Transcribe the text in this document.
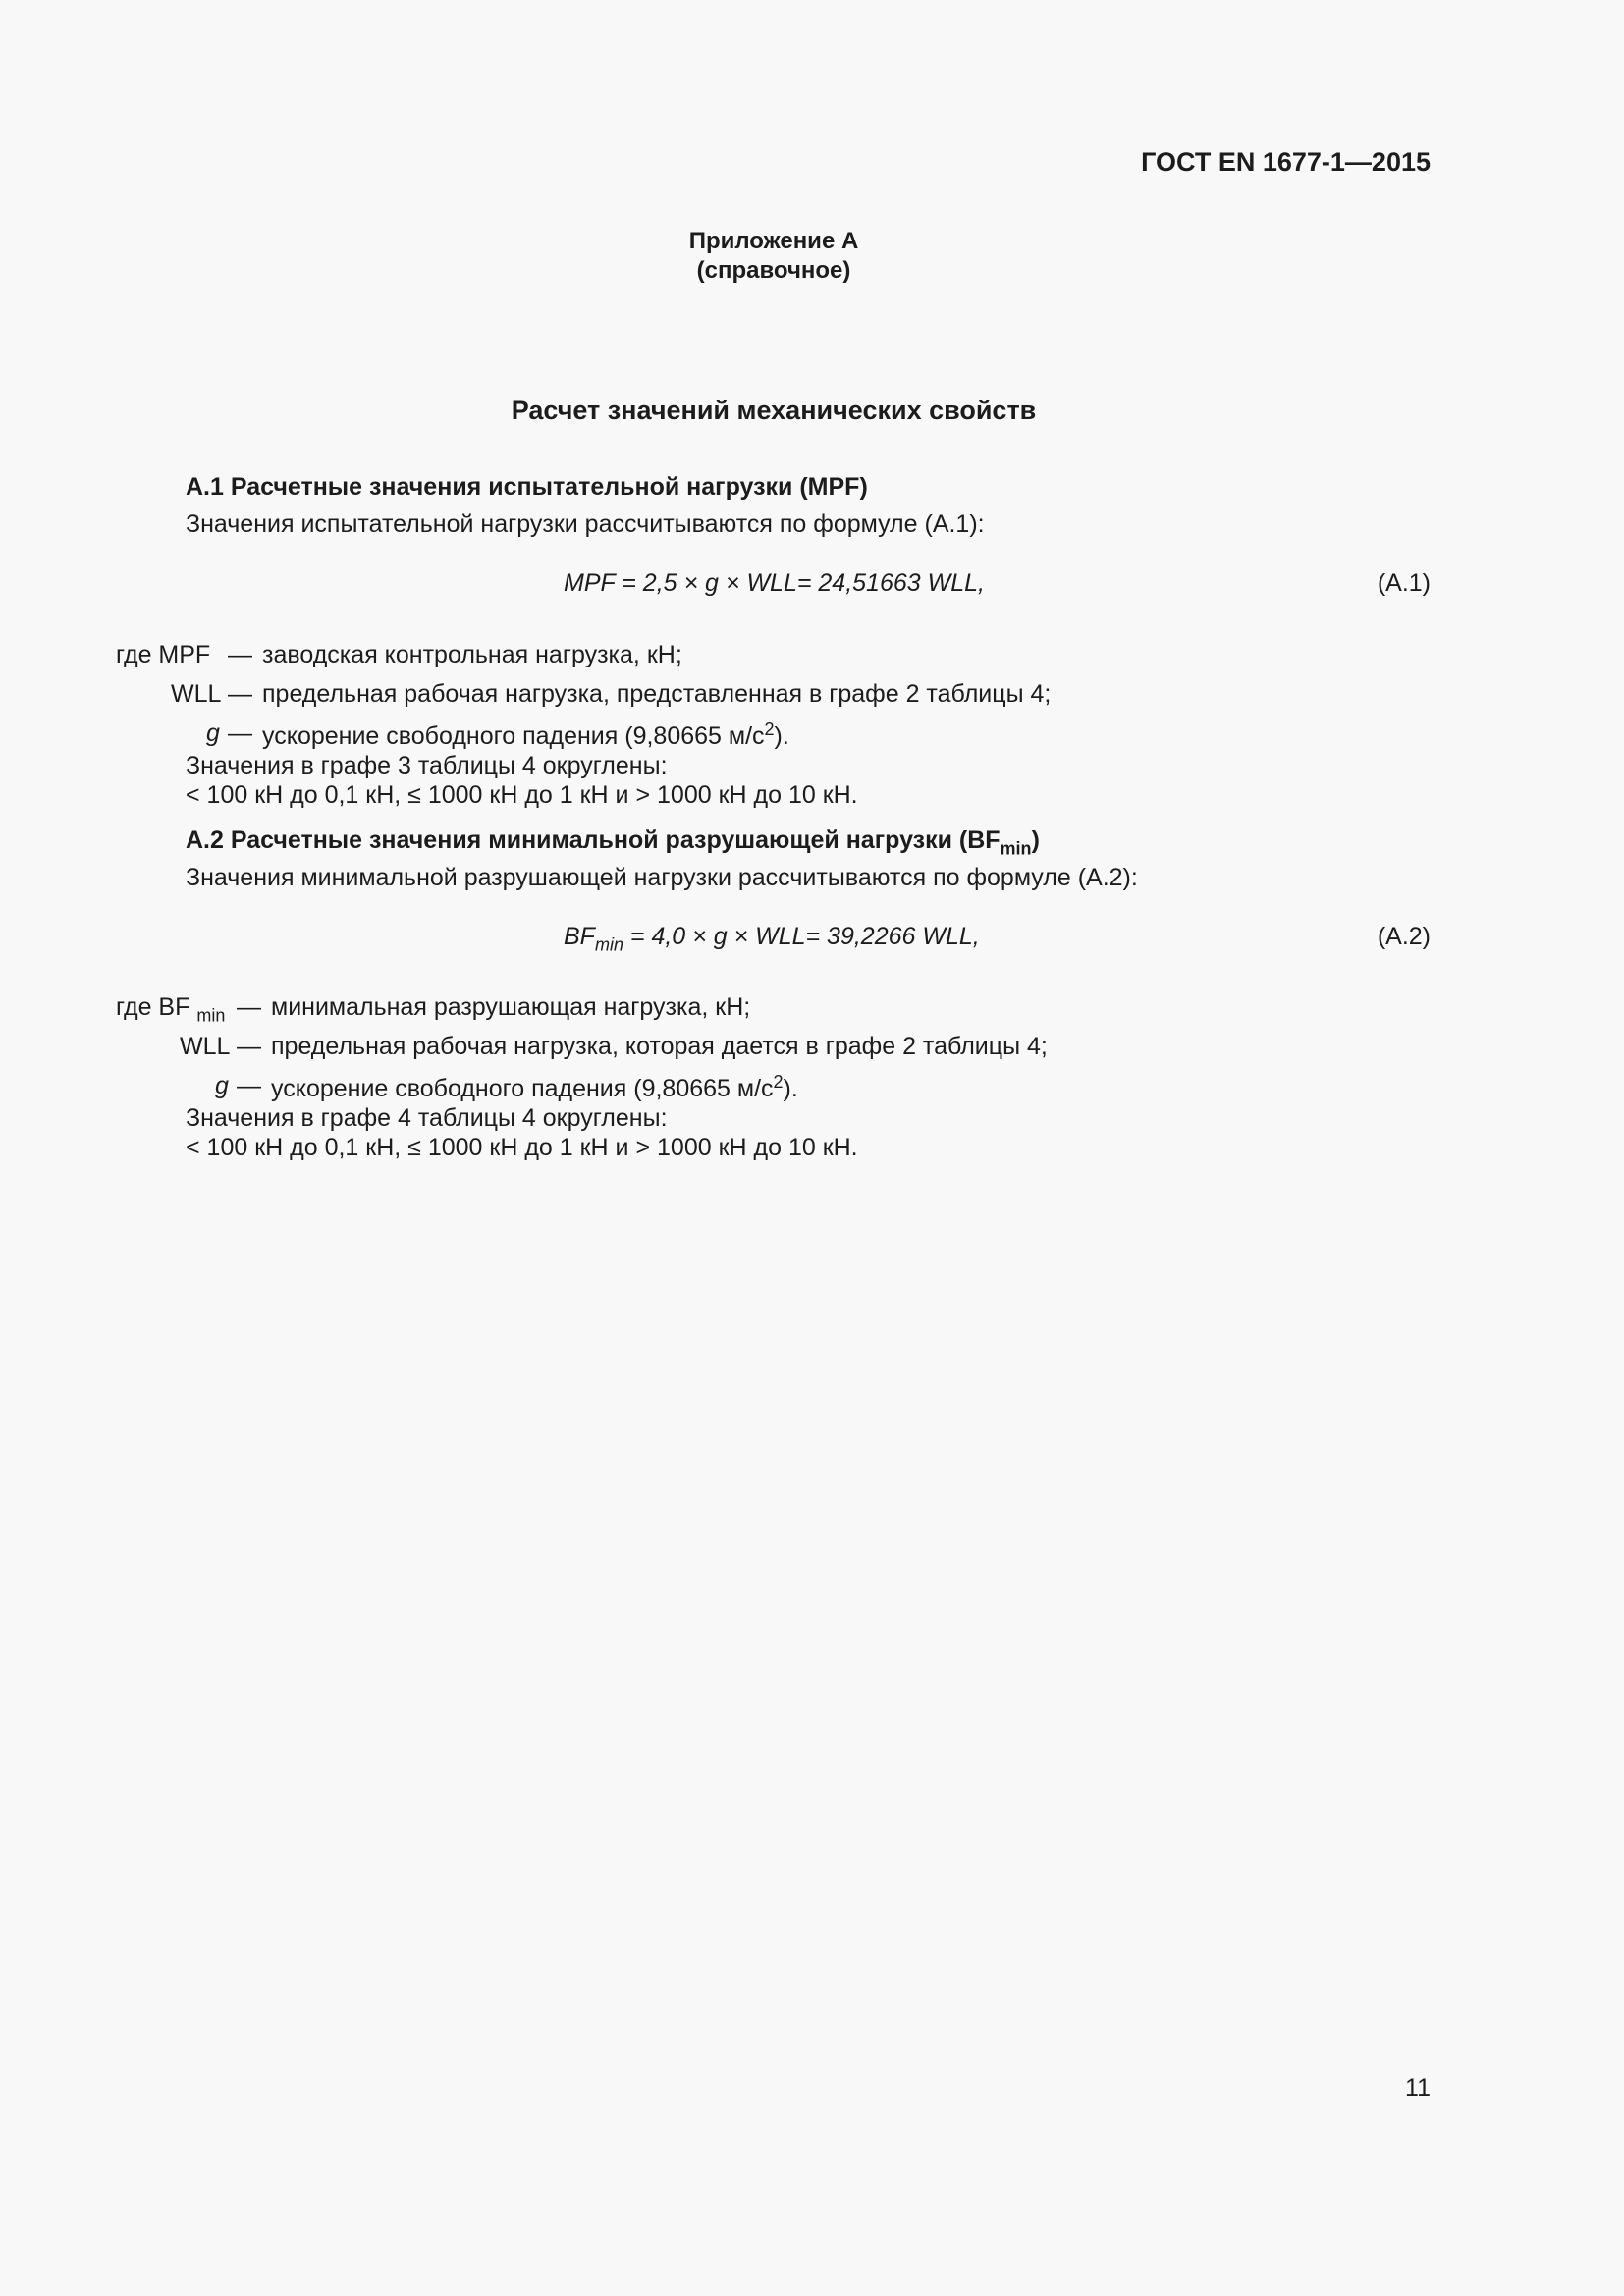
ГОСТ EN 1677-1—2015
Приложение А
(справочное)
Расчет значений механических свойств
А.1 Расчетные значения испытательной нагрузки (MPF)
Значения испытательной нагрузки рассчитываются по формуле (А.1):
MPF = 2,5 × g × WLL= 24,51663 WLL,	(А.1)
где MPF — заводская контрольная нагрузка, кН;
WLL — предельная рабочая нагрузка, представленная в графе 2 таблицы 4;
g — ускорение свободного падения (9,80665 $м/с^2$).
Значения в графе 3 таблицы 4 округлены:
< 100 кН до 0,1 кН, ≤ 1000 кН до 1 кН и > 1000 кН до 10 кН.
А.2 Расчетные значения минимальной разрушающей нагрузки $(BF_{min})$
Значения минимальной разрушающей нагрузки рассчитываются по формуле (А.2):
$BF_{min} = 4,0 \times g \times WLL= 39,2266$ WLL,	(А.2)
где BF $_{min}$ — минимальная разрушающая нагрузка, кН;
WLL — предельная рабочая нагрузка, которая дается в графе 2 таблицы 4;
g — ускорение свободного падения (9,80665 $м/с^2$).
Значения в графе 4 таблицы 4 округлены:
< 100 кН до 0,1 кН, ≤ 1000 кН до 1 кН и > 1000 кН до 10 кН.
11
